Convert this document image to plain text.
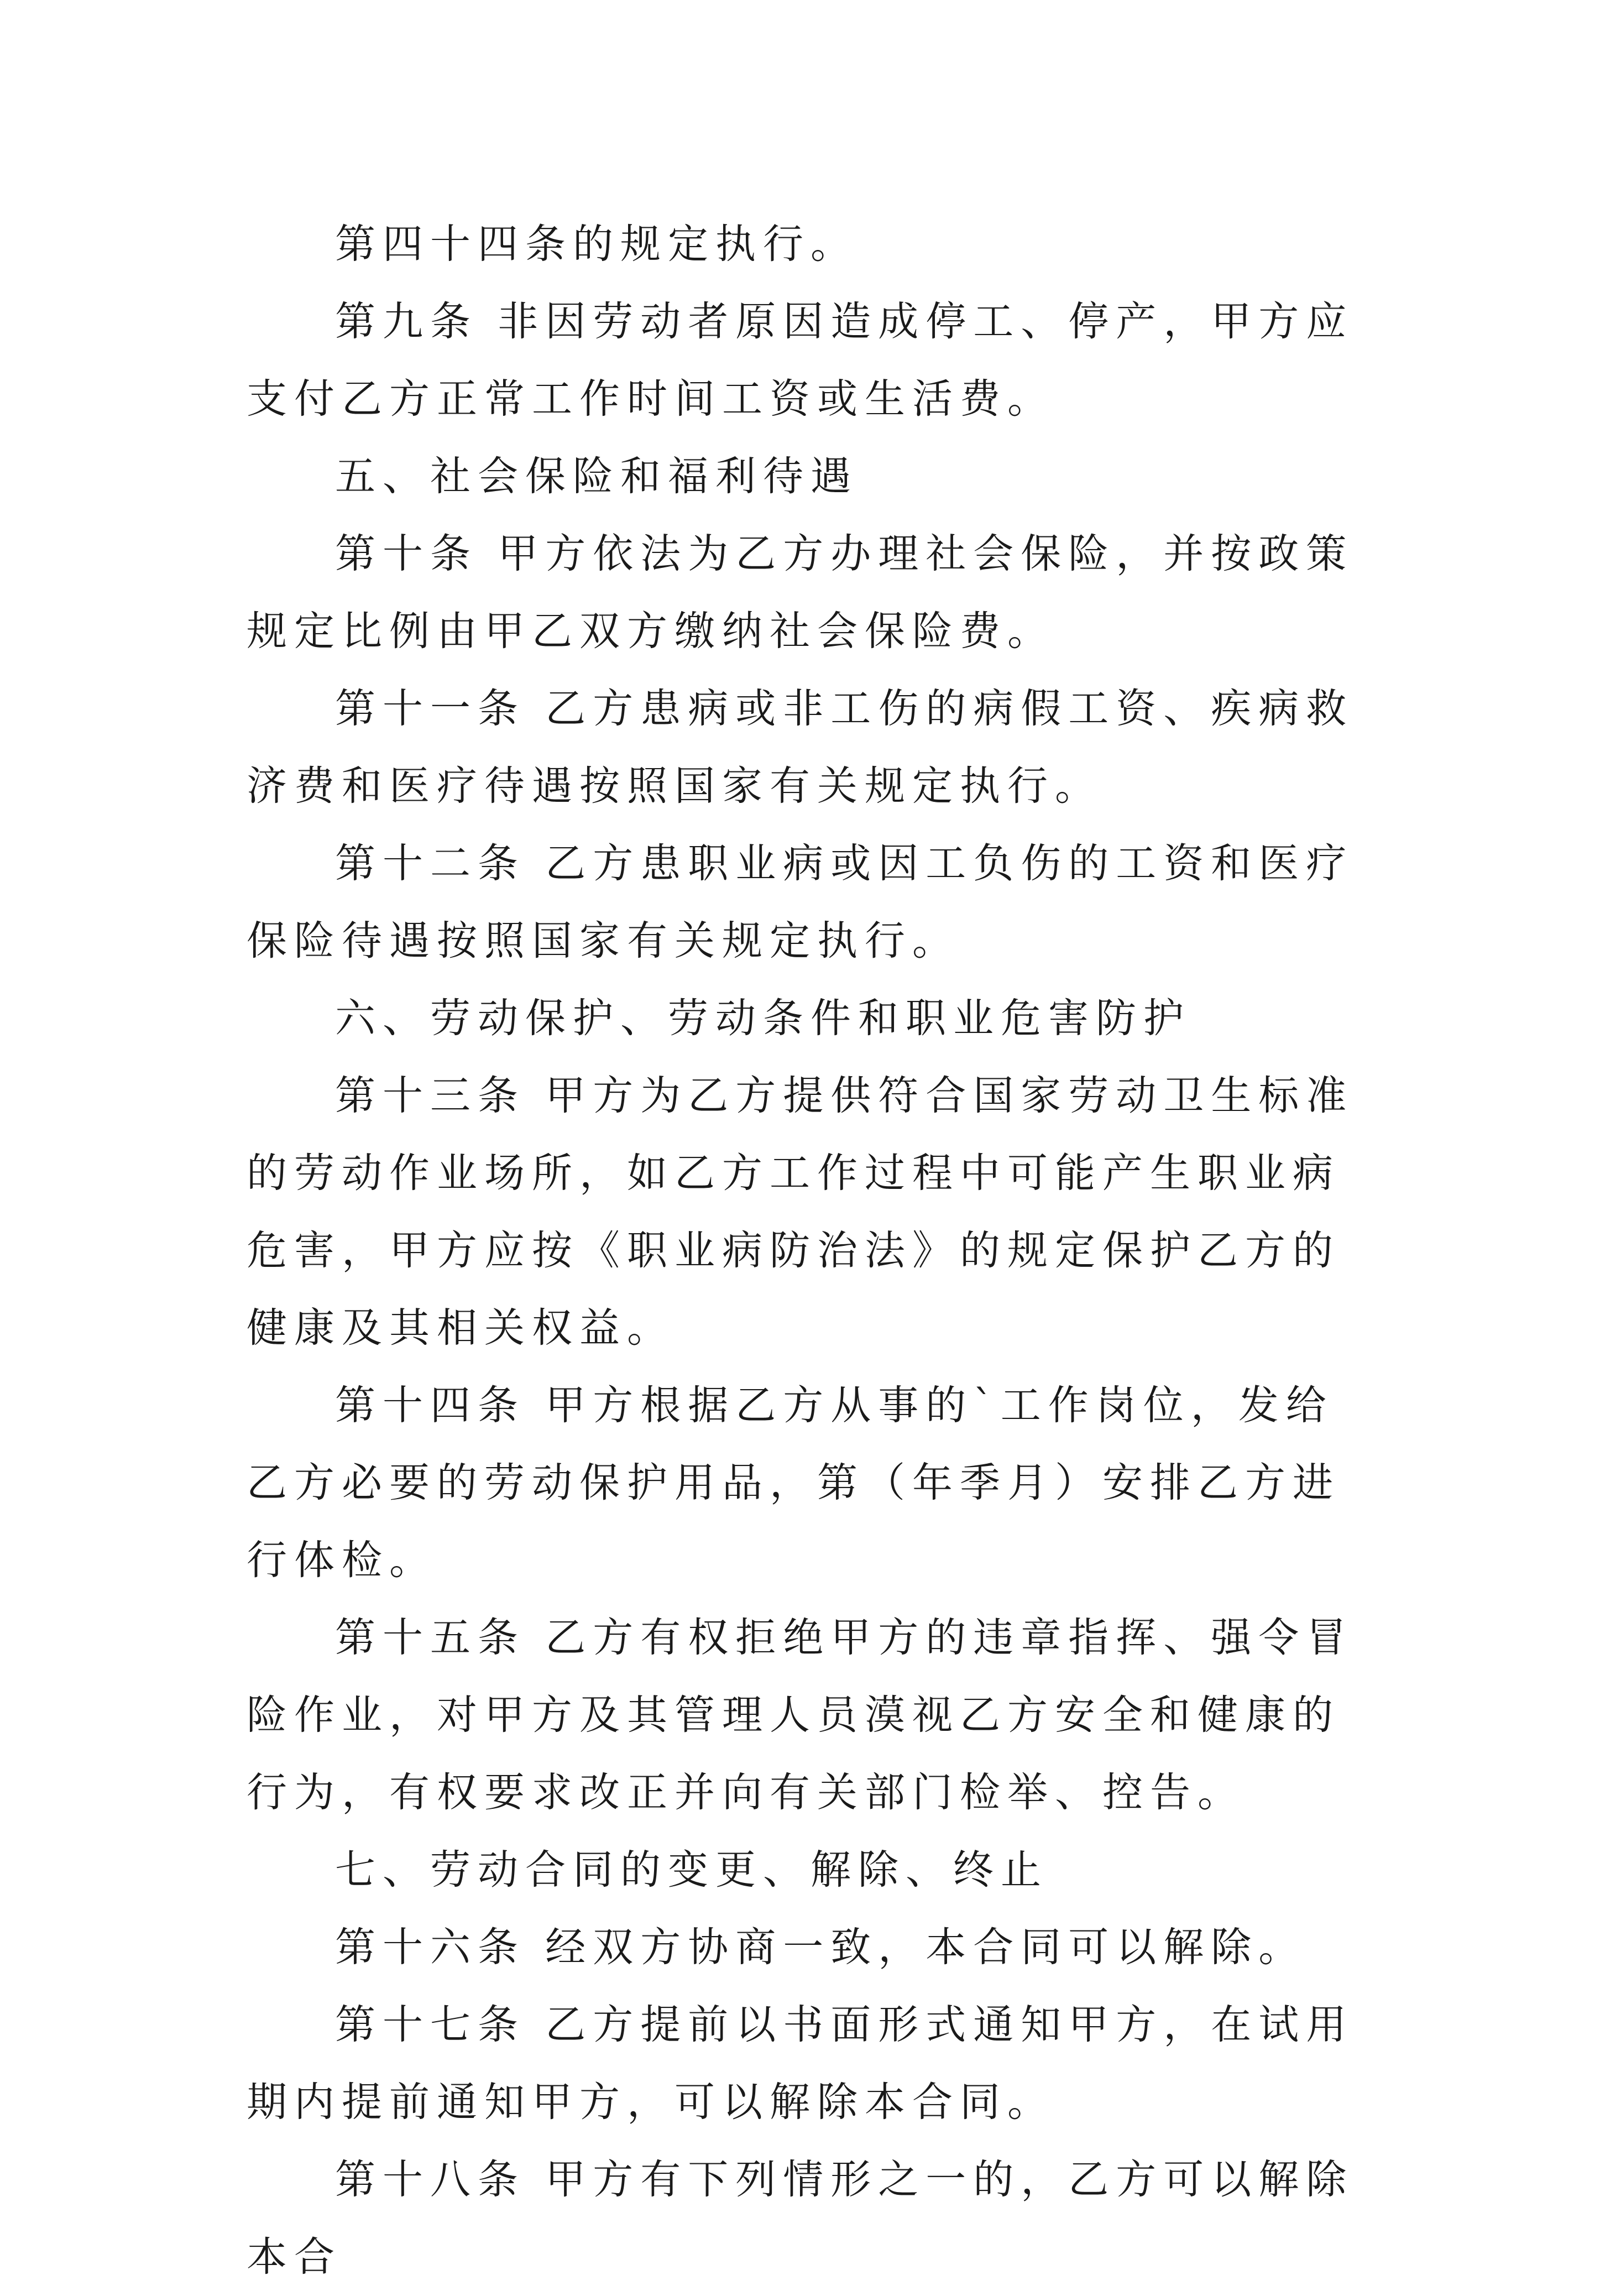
第四十四条的规定执行。

第九条 非因劳动者原因造成停工、停产，甲方应支付乙方正常工作时间工资或生活费。

五、社会保险和福利待遇

第十条 甲方依法为乙方办理社会保险，并按政策规定比例由甲乙双方缴纳社会保险费。

第十一条 乙方患病或非工伤的病假工资、疾病救济费和医疗待遇按照国家有关规定执行。

第十二条 乙方患职业病或因工负伤的工资和医疗保险待遇按照国家有关规定执行。

六、劳动保护、劳动条件和职业危害防护

第十三条 甲方为乙方提供符合国家劳动卫生标准的劳动作业场所，如乙方工作过程中可能产生职业病危害，甲方应按《职业病防治法》的规定保护乙方的健康及其相关权益。

第十四条 甲方根据乙方从事的`工作岗位，发给乙方必要的劳动保护用品，第（年季月）安排乙方进行体检。

第十五条 乙方有权拒绝甲方的违章指挥、强令冒险作业，对甲方及其管理人员漠视乙方安全和健康的行为，有权要求改正并向有关部门检举、控告。

七、劳动合同的变更、解除、终止

第十六条 经双方协商一致，本合同可以解除。

第十七条 乙方提前以书面形式通知甲方，在试用期内提前通知甲方，可以解除本合同。

第十八条 甲方有下列情形之一的，乙方可以解除本合
